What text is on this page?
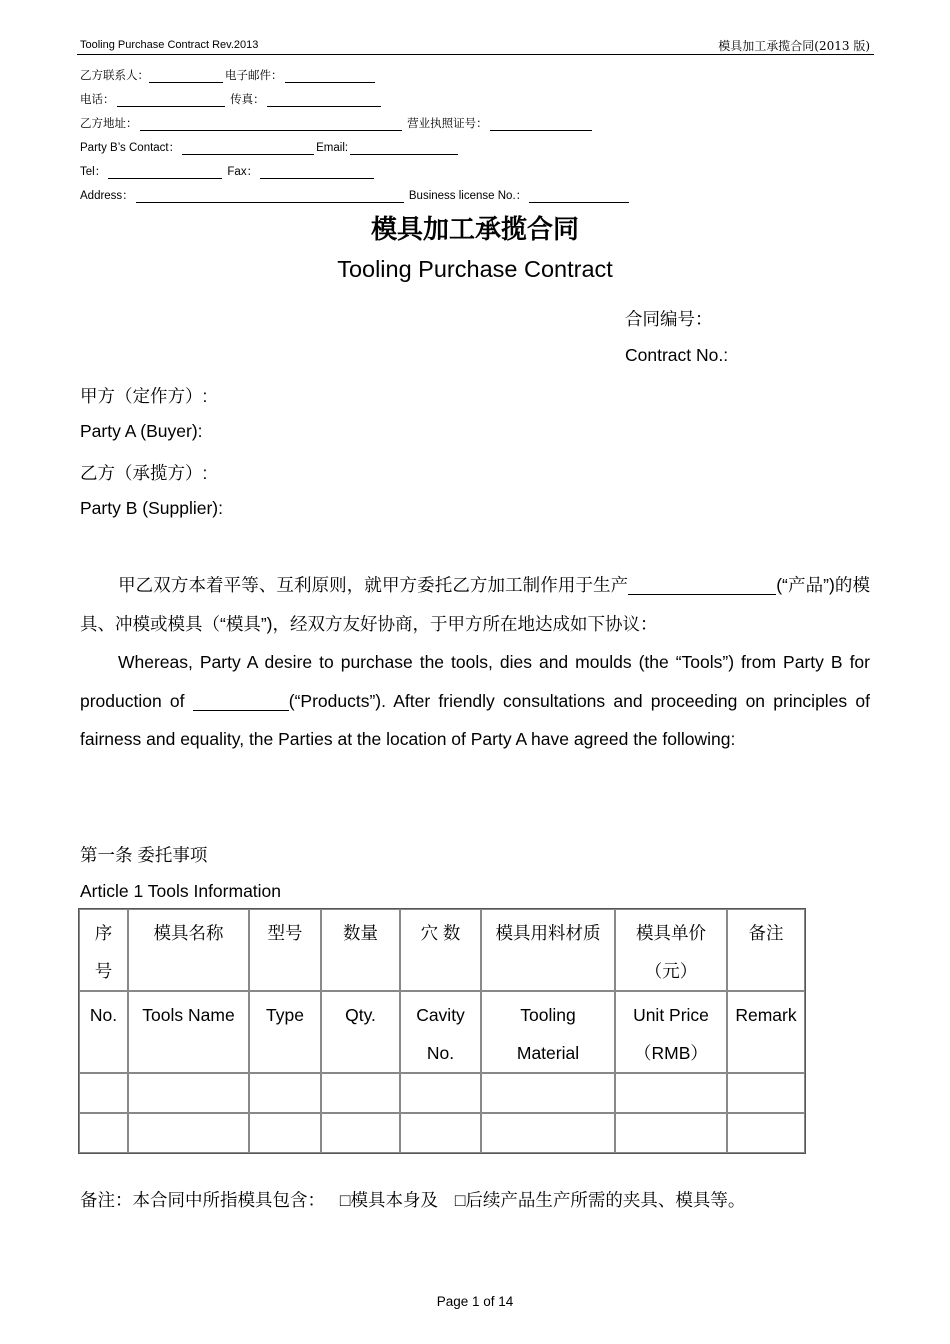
Tooling Purchase Contract Rev.2013	模具加工承揽合同(2013 版)
乙方联系人：	电子邮件：
电话：	传真：
乙方地址：	营业执照证号：
Party B’s Contact：	Email:
Tel：	Fax：
Address：	Business license No.：
模具加工承揽合同
Tooling Purchase Contract
合同编号：
Contract No.:
甲方（定作方）:
Party A (Buyer):
乙方（承揽方）:
Party B (Supplier):
甲乙双方本着平等、互利原则，就甲方委托乙方加工制作用于生产	(“产品”)的模具、冲模或模具（“模具”)，经双方友好协商，于甲方所在地达成如下协议：
Whereas, Party A desire to purchase the tools, dies and moulds (the “Tools”) from Party B for production of	(“Products”). After friendly consultations and proceeding on principles of fairness and equality, the Parties at the location of Party A have agreed the following:
第一条 委托事项
Article 1 Tools Information
序号	模具名称	型号	数量	穴 数	模具用料材质	模具单价（元）	备注
No.	Tools Name	Type	Qty.	Cavity No.	Tooling Material	Unit Price （RMB）	Remark

备注：本合同中所指模具包含： □模具本身及 □后续产品生产所需的夹具、模具等。
Page 1 of 14
